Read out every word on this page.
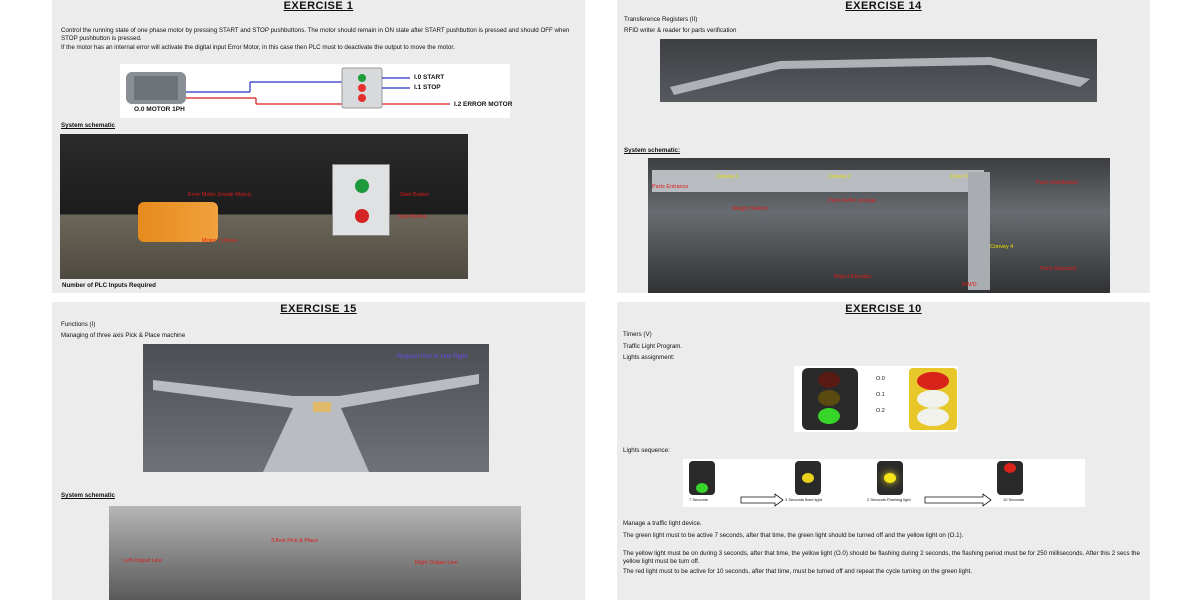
EXERCISE 1
Control the running state of one phase motor by pressing START and STOP pushbuttons. The motor should remain in ON state after START pushbutton is pressed and should OFF when STOP pushbutton is pressed.
If the motor has an internal error will activate the digital input Error Motor, in this case then PLC must to deactivate the output to move the motor.
O.0 MOTOR 1PH
I.0 START
I.1 STOP
I.2 ERROR MOTOR
System schematic
Error Motor (Inside Motor)	Start Button
Stop Button
Motor 1 phase
Number of PLC Inputs Required
EXERCISE 14
Transference Registers (II)
RFID writer & reader for parts verification
System schematic:
Parts Entrance
Convey 1	Convey 2	Conv 3
Convey 4
Weight Station
Parts buffer storage
Parts Distribution
Reject Elevator
Parts Rejected
RW/D
EXERCISE 15
Functions (I)
Managing of three axis Pick & Place machine
Request Part to Line Right
System schematic
3 Axis Pick & Place
Left Output Line	Right Output Line
EXERCISE 10
Timers (V)
Traffic Light Program.
Lights assignment:
O.0
O.1
O.2
Lights sequence:
7 Seconds	3 Seconds fixed light	2 Seconds Flashing light	10 Seconds
Manage a traffic light device.
The green light must to be active 7 seconds, after that time, the green light should be turned off and the yellow light on (O.1).
The yellow light must be on during 3 seconds, after that time, the yellow light (O.0) should be flashing during 2 seconds, the flashing period must be for 250 milliseconds. After this 2 secs the yellow light must be turn off.
The red light must to be active for 10 seconds, after that time, must be turned off and repeat the cycle turning on the green light.
